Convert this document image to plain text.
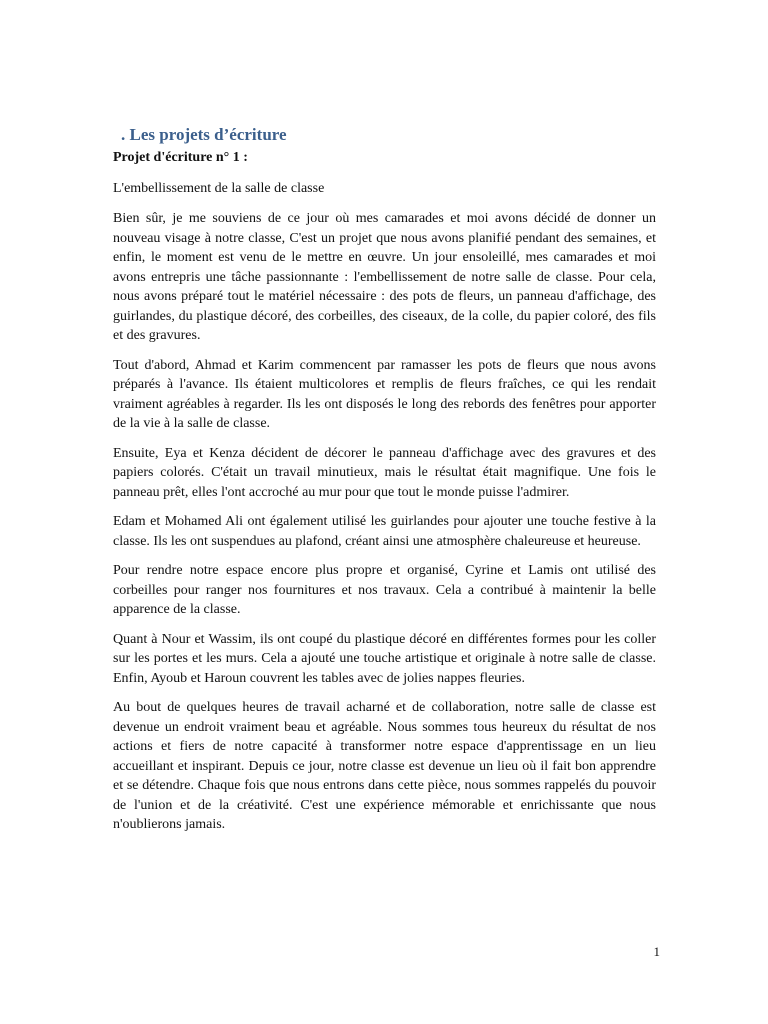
. Les projets d’écriture
Projet d'écriture n° 1 :
L'embellissement de la salle de classe

Bien sûr, je me souviens de ce jour où mes camarades et moi avons décidé de donner un nouveau visage à notre classe, C'est un projet que nous avons planifié pendant des semaines, et enfin, le moment est venu de le mettre en œuvre. Un jour ensoleillé, mes camarades et moi avons entrepris une tâche passionnante : l'embellissement de notre salle de classe. Pour cela, nous avons préparé tout le matériel nécessaire : des pots de fleurs, un panneau d'affichage, des guirlandes, du plastique décoré, des corbeilles, des ciseaux, de la colle, du papier coloré, des fils et des gravures.

Tout d'abord, Ahmad et Karim commencent par ramasser les pots de fleurs que nous avons préparés à l'avance. Ils étaient multicolores et remplis de fleurs fraîches, ce qui les rendait vraiment agréables à regarder. Ils les ont disposés le long des rebords des fenêtres pour apporter de la vie à la salle de classe.

Ensuite, Eya et Kenza décident de décorer le panneau d'affichage avec des gravures et des papiers colorés. C'était un travail minutieux, mais le résultat était magnifique. Une fois le panneau prêt, elles l'ont accroché au mur pour que tout le monde puisse l'admirer.

Edam et Mohamed Ali ont également utilisé les guirlandes pour ajouter une touche festive à la classe. Ils les ont suspendues au plafond, créant ainsi une atmosphère chaleureuse et heureuse.

Pour rendre notre espace encore plus propre et organisé, Cyrine et Lamis ont utilisé des corbeilles pour ranger nos fournitures et nos travaux. Cela a contribué à maintenir la belle apparence de la classe.

Quant à Nour et Wassim, ils ont coupé du plastique décoré en différentes formes pour les coller sur les portes et les murs. Cela a ajouté une touche artistique et originale à notre salle de classe. Enfin, Ayoub et Haroun couvrent les tables avec de jolies nappes fleuries.

Au bout de quelques heures de travail acharné et de collaboration, notre salle de classe est devenue un endroit vraiment beau et agréable. Nous sommes tous heureux du résultat de nos actions et fiers de notre capacité à transformer notre espace d'apprentissage en un lieu accueillant et inspirant. Depuis ce jour, notre classe est devenue un lieu où il fait bon apprendre et se détendre. Chaque fois que nous entrons dans cette pièce, nous sommes rappelés du pouvoir de l'union et de la créativité. C'est une expérience mémorable et enrichissante que nous n'oublierons jamais.

1
